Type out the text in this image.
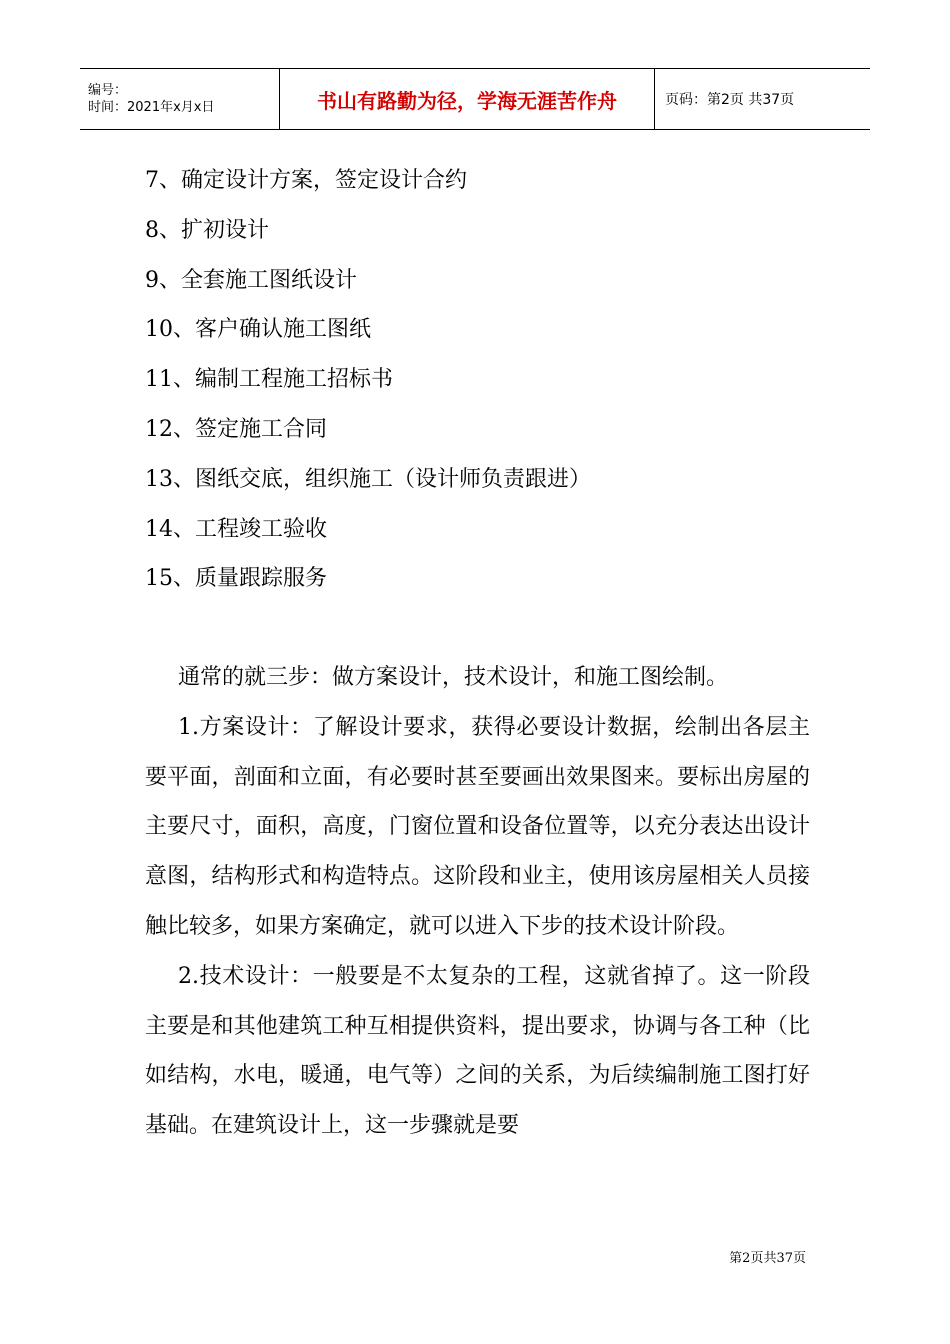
编号：
时间：2021年x月x日	书山有路勤为径，学海无涯苦作舟	页码：第2页 共37页
7、确定设计方案，签定设计合约
8、扩初设计
9、全套施工图纸设计
10、客户确认施工图纸
11、编制工程施工招标书
12、签定施工合同
13、图纸交底，组织施工（设计师负责跟进）
14、工程竣工验收
15、质量跟踪服务

通常的就三步：做方案设计，技术设计，和施工图绘制。

1.方案设计：了解设计要求，获得必要设计数据，绘制出各层主要平面，剖面和立面，有必要时甚至要画出效果图来。要标出房屋的主要尺寸，面积，高度，门窗位置和设备位置等，以充分表达出设计意图，结构形式和构造特点。这阶段和业主，使用该房屋相关人员接触比较多，如果方案确定，就可以进入下步的技术设计阶段。

2.技术设计：一般要是不太复杂的工程，这就省掉了。这一阶段主要是和其他建筑工种互相提供资料，提出要求，协调与各工种（比如结构，水电，暖通，电气等）之间的关系，为后续编制施工图打好基础。在建筑设计上，这一步骤就是要

第2页共37页
